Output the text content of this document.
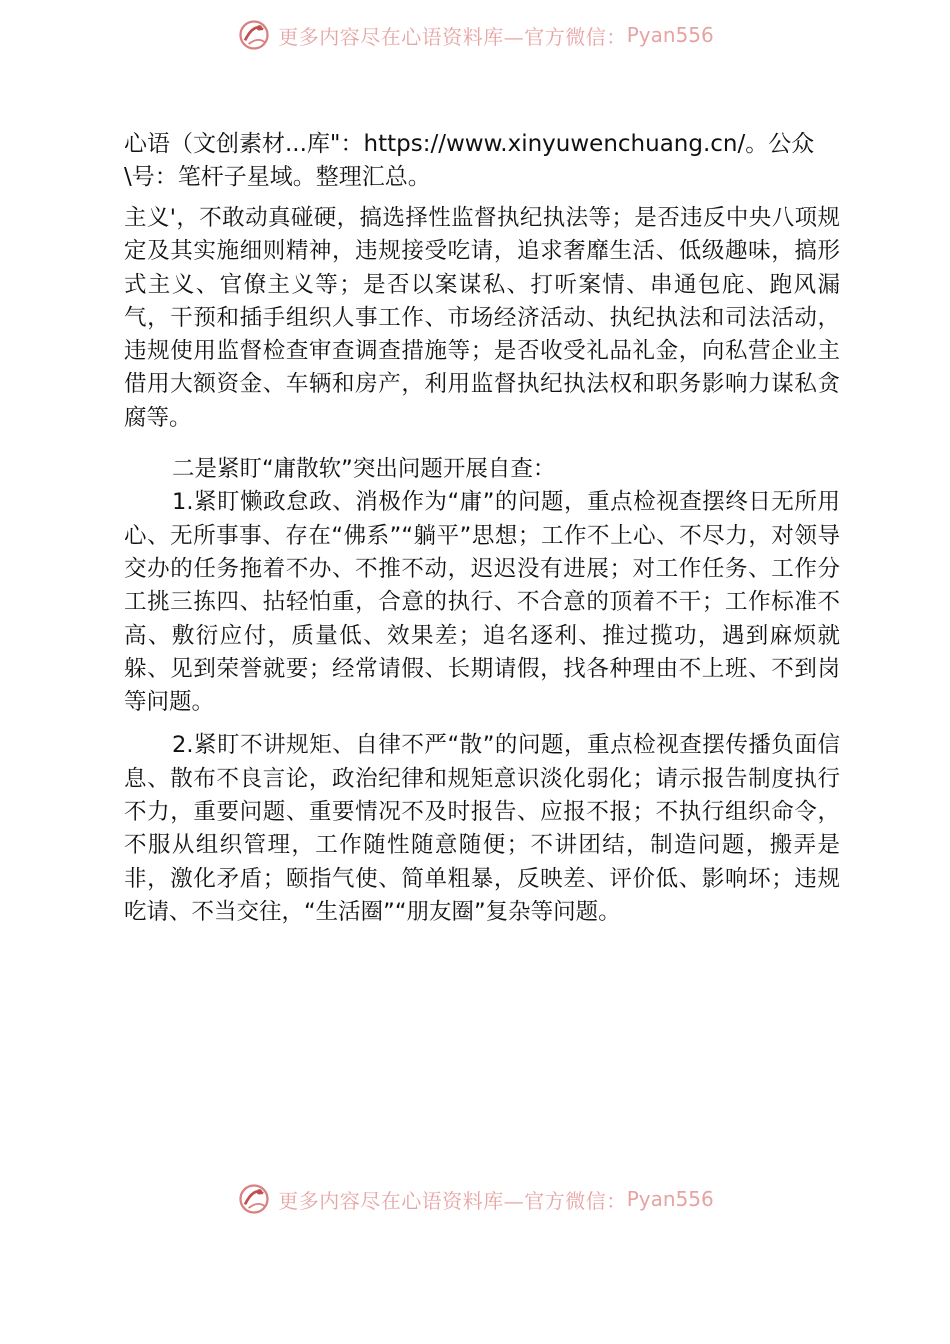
更多内容尽在心语资料库—官方微信： Pyan556

心语（文创素材...库"：https://www.xinyuwenchuang.cn/。公众\号：笔杆子星域。整理汇总。

主义'，不敢动真碰硬，搞选择性监督执纪执法等；是否违反中央八项规定及其实施细则精神，违规接受吃请，追求奢靡生活、低级趣味，搞形式主义、官僚主义等；是否以案谋私、打听案情、串通包庇、跑风漏气，干预和插手组织人事工作、市场经济活动、执纪执法和司法活动，违规使用监督检查审查调查措施等；是否收受礼品礼金，向私营企业主借用大额资金、车辆和房产，利用监督执纪执法权和职务影响力谋私贪腐等。

二是紧盯“庸散软”突出问题开展自查：

1.紧盯懒政怠政、消极作为“庸”的问题，重点检视查摆终日无所用心、无所事事、存在“佛系”“躺平”思想；工作不上心、不尽力，对领导交办的任务拖着不办、不推不动，迟迟没有进展；对工作任务、工作分工挑三拣四、拈轻怕重，合意的执行、不合意的顶着不干；工作标准不高、敷衍应付，质量低、效果差；追名逐利、推过揽功，遇到麻烦就躲、见到荣誉就要；经常请假、长期请假，找各种理由不上班、不到岗等问题。

2.紧盯不讲规矩、自律不严“散”的问题，重点检视查摆传播负面信息、散布不良言论，政治纪律和规矩意识淡化弱化；请示报告制度执行不力，重要问题、重要情况不及时报告、应报不报；不执行组织命令，不服从组织管理，工作随性随意随便；不讲团结，制造问题，搬弄是非，激化矛盾；颐指气使、简单粗暴，反映差、评价低、影响坏；违规吃请、不当交往，“生活圈”“朋友圈”复杂等问题。

更多内容尽在心语资料库—官方微信： Pyan556
